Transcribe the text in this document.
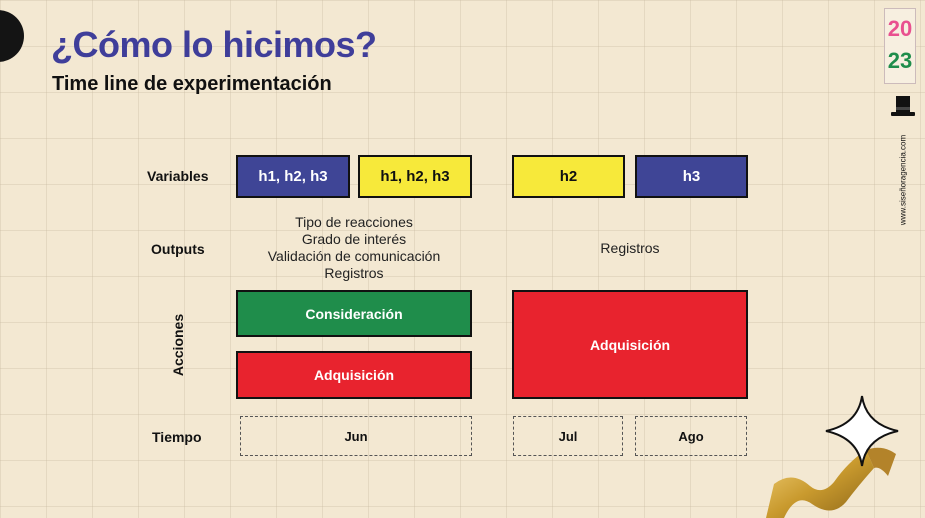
¿Cómo lo hicimos?
Time line de experimentación
20
23
www.siseñoragencia.com
Variables
Outputs
Acciones
Tiempo
h1, h2, h3	h1, h2, h3	h2	h3
Tipo de reacciones
Grado de interés
Validación de comunicación
Registros
Registros
Consideración
Adquisición
Adquisición
Jun	Jul	Ago
